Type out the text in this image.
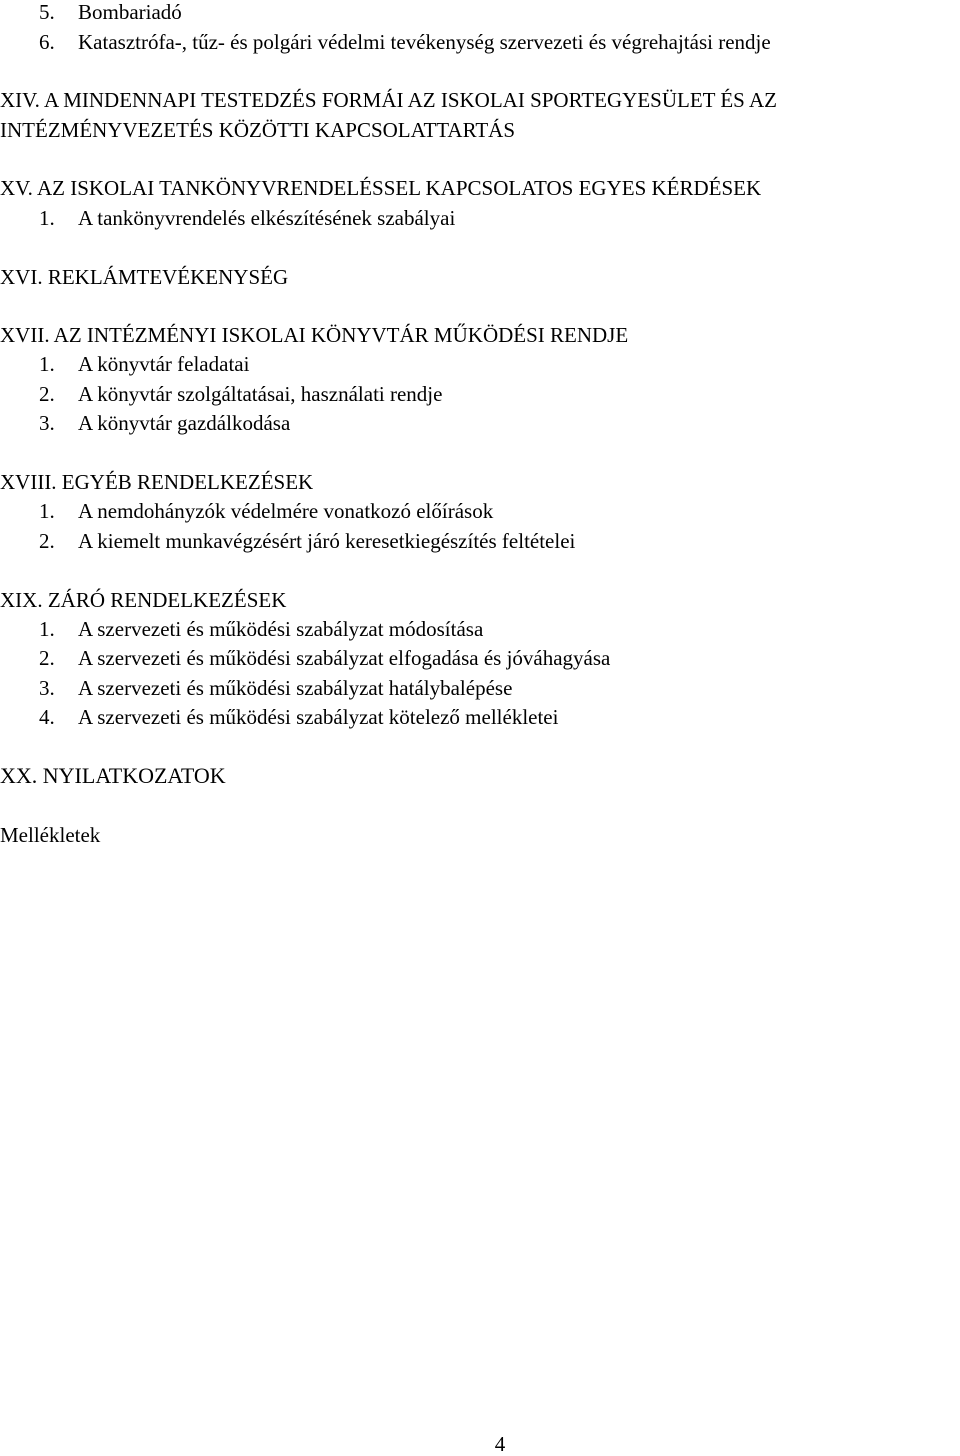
5. Bombariadó
6. Katasztrófa-, tűz- és polgári védelmi tevékenység szervezeti és végrehajtási rendje
XIV. A MINDENNAPI TESTEDZÉS FORMÁI AZ ISKOLAI SPORTEGYESÜLET ÉS AZ
INTÉZMÉNYVEZETÉS KÖZÖTTI KAPCSOLATTARTÁS
XV. AZ ISKOLAI TANKÖNYVRENDELÉSSEL KAPCSOLATOS EGYES KÉRDÉSEK
1. A tankönyvrendelés elkészítésének szabályai
XVI. REKLÁMTEVÉKENYSÉG
XVII. AZ INTÉZMÉNYI ISKOLAI KÖNYVTÁR MŰKÖDÉSI RENDJE
1. A könyvtár feladatai
2. A könyvtár szolgáltatásai, használati rendje
3. A könyvtár gazdálkodása
XVIII. EGYÉB RENDELKEZÉSEK
1. A nemdohányzók védelmére vonatkozó előírások
2. A kiemelt munkavégzésért járó keresetkiegészítés feltételei
XIX. ZÁRÓ RENDELKEZÉSEK
1. A szervezeti és működési szabályzat módosítása
2. A szervezeti és működési szabályzat elfogadása és jóváhagyása
3. A szervezeti és működési szabályzat hatálybalépése
4. A szervezeti és működési szabályzat kötelező mellékletei
XX. NYILATKOZATOK
Mellékletek
4
